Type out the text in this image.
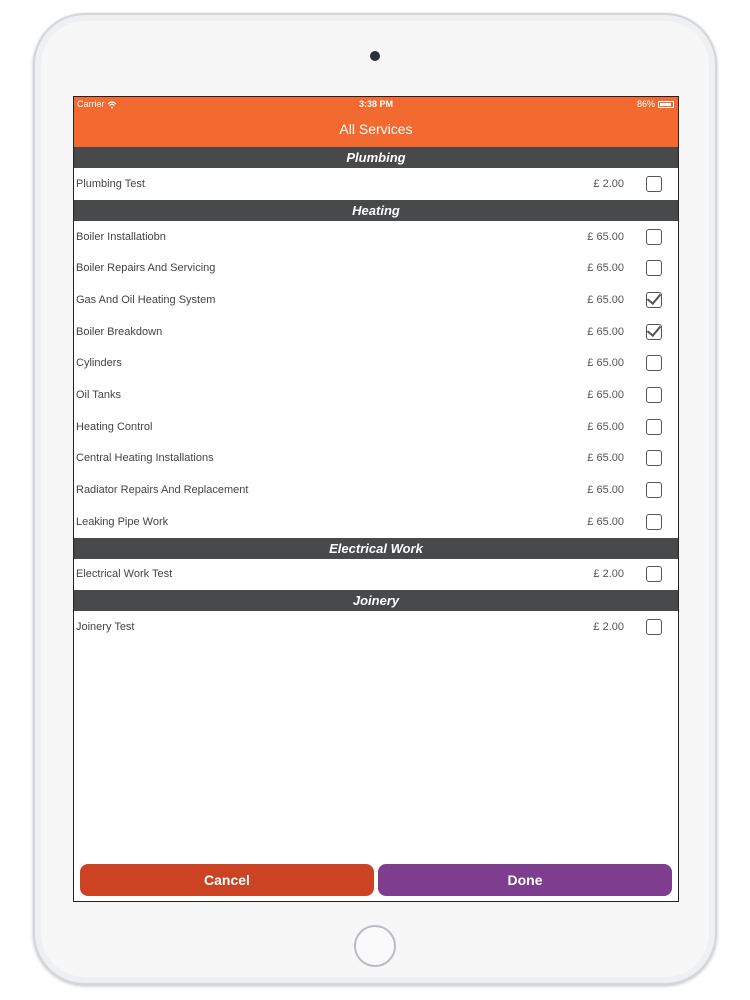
Carrier	3:38 PM	86%
All Services
Plumbing
Plumbing Test	£ 2.00
Heating
Boiler Installatiobn	£ 65.00
Boiler Repairs And Servicing	£ 65.00
Gas And Oil Heating System	£ 65.00
Boiler Breakdown	£ 65.00
Cylinders	£ 65.00
Oil Tanks	£ 65.00
Heating Control	£ 65.00
Central Heating Installations	£ 65.00
Radiator Repairs And Replacement	£ 65.00
Leaking Pipe Work	£ 65.00
Electrical Work
Electrical Work Test	£ 2.00
Joinery
Joinery Test	£ 2.00
Cancel	Done
